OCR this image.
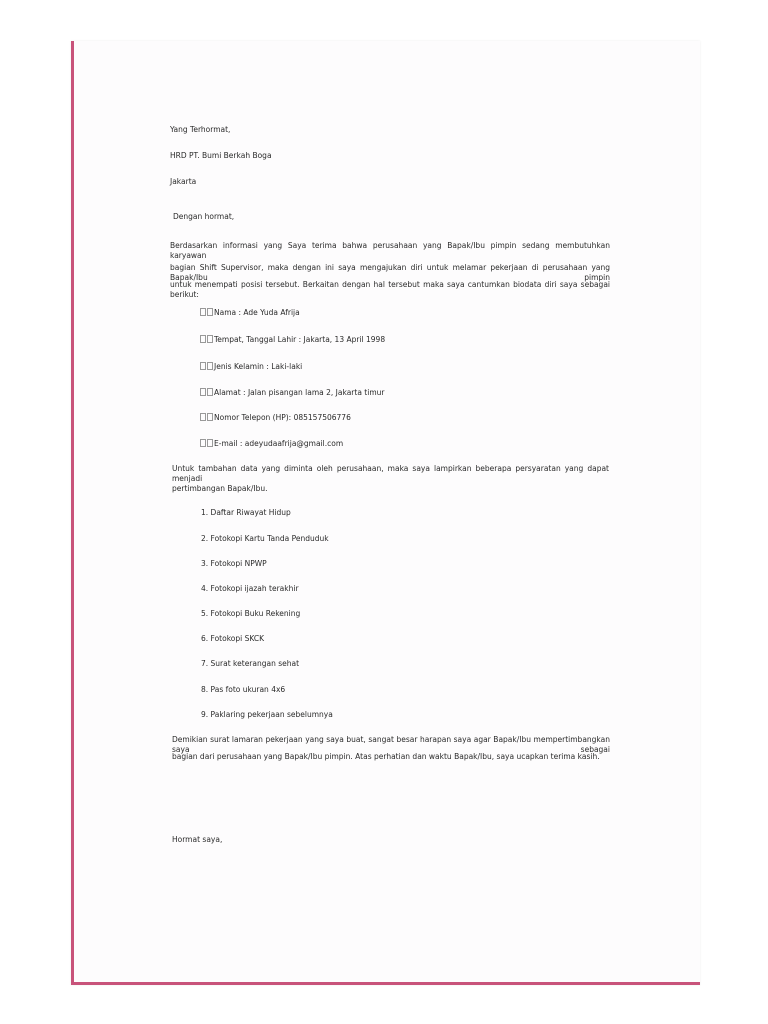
Yang Terhormat,
HRD PT. Bumi Berkah Boga
Jakarta
Dengan hormat,
Berdasarkan informasi yang Saya terima bahwa perusahaan yang Bapak/Ibu pimpin sedang membutuhkan karyawan
bagian Shift Supervisor, maka dengan ini saya mengajukan diri untuk melamar pekerjaan di perusahaan yang Bapak/Ibu pimpin
untuk menempati posisi tersebut. Berkaitan dengan hal tersebut maka saya cantumkan biodata diri saya sebagai berikut:
Nama : Ade Yuda Afrija
Tempat, Tanggal Lahir : Jakarta, 13 April 1998
Jenis Kelamin : Laki-laki
Alamat : Jalan pisangan lama 2, Jakarta timur
Nomor Telepon (HP): 085157506776
E-mail : adeyudaafrija@gmail.com
Untuk tambahan data yang diminta oleh perusahaan, maka saya lampirkan beberapa persyaratan yang dapat menjadi
pertimbangan Bapak/Ibu.
1. Daftar Riwayat Hidup
2. Fotokopi Kartu Tanda Penduduk
3. Fotokopi NPWP
4. Fotokopi ijazah terakhir
5. Fotokopi Buku Rekening
6. Fotokopi SKCK
7. Surat keterangan sehat
8. Pas foto ukuran 4x6
9. Paklaring pekerjaan sebelumnya
Demikian surat lamaran pekerjaan yang saya buat, sangat besar harapan saya agar Bapak/Ibu mempertimbangkan saya sebagai
bagian dari perusahaan yang Bapak/Ibu pimpin. Atas perhatian dan waktu Bapak/Ibu, saya ucapkan terima kasih.
Hormat saya,
